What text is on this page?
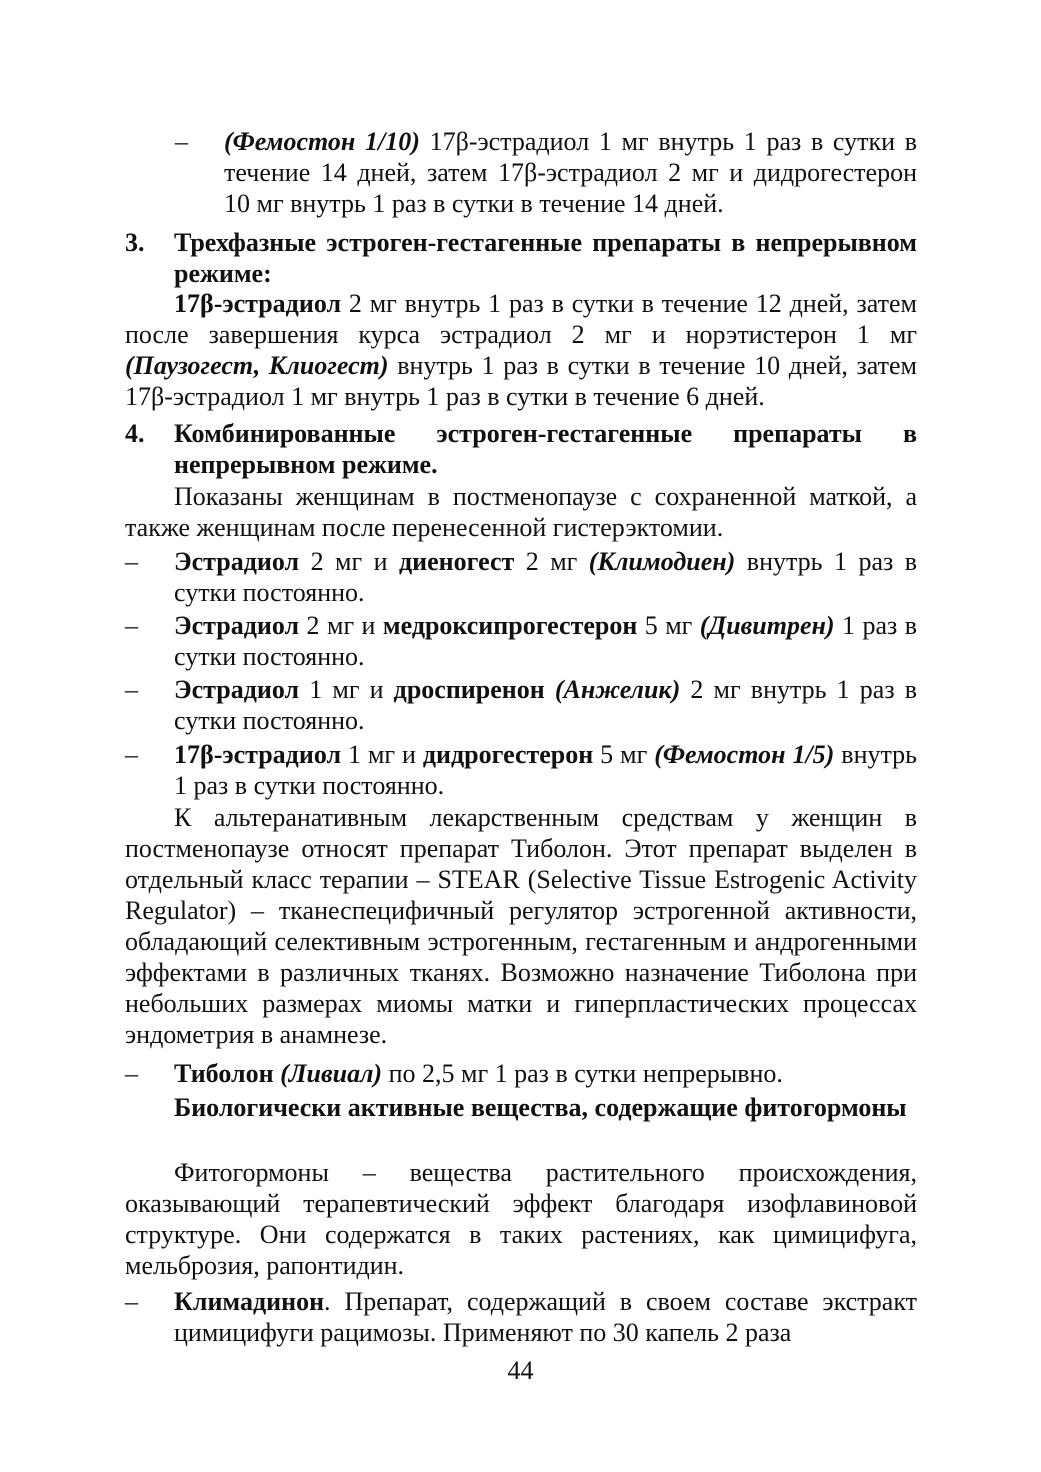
– (Фемостон 1/10) 17β-эстрадиол 1 мг внутрь 1 раз в сутки в течение 14 дней, затем 17β-эстрадиол 2 мг и дидрогестерон 10 мг внутрь 1 раз в сутки в течение 14 дней.
3. Трехфазные эстроген-гестагенные препараты в непрерывном режиме:
17β-эстрадиол 2 мг внутрь 1 раз в сутки в течение 12 дней, затем после завершения курса эстрадиол 2 мг и норэтистерон 1 мг (Паузогест, Клиогест) внутрь 1 раз в сутки в течение 10 дней, затем 17β-эстрадиол 1 мг внутрь 1 раз в сутки в течение 6 дней.
4. Комбинированные эстроген-гестагенные препараты в непрерывном режиме.
Показаны женщинам в постменопаузе с сохраненной маткой, а также женщинам после перенесенной гистерэктомии.
– Эстрадиол 2 мг и диеногест 2 мг (Климодиен) внутрь 1 раз в сутки постоянно.
– Эстрадиол 2 мг и медроксипрогестерон 5 мг (Дивитрен) 1 раз в сутки постоянно.
– Эстрадиол 1 мг и дроспиренон (Анжелик) 2 мг внутрь 1 раз в сутки постоянно.
– 17β-эстрадиол 1 мг и дидрогестерон 5 мг (Фемостон 1/5) внутрь 1 раз в сутки постоянно.
К альтеранативным лекарственным средствам у женщин в постменопаузе относят препарат Тиболон. Этот препарат выделен в отдельный класс терапии – STEAR (Selective Tissue Estrogenic Activity Regulator) – тканеспецифичный регулятор эстрогенной активности, обладающий селективным эстрогенным, гестагенным и андрогенными эффектами в различных тканях. Возможно назначение Тиболона при небольших размерах миомы матки и гиперпластических процессах эндометрия в анамнезе.
– Тиболон (Ливиал) по 2,5 мг 1 раз в сутки непрерывно.
Биологически активные вещества, содержащие фитогормоны
Фитогормоны – вещества растительного происхождения, оказывающий терапевтический эффект благодаря изофлавиновой структуре. Они содержатся в таких растениях, как цимицифуга, мельброзия, рапонтидин.
– Климадинон. Препарат, содержащий в своем составе экстракт цимицифуги рацимозы. Применяют по 30 капель 2 раза
44
